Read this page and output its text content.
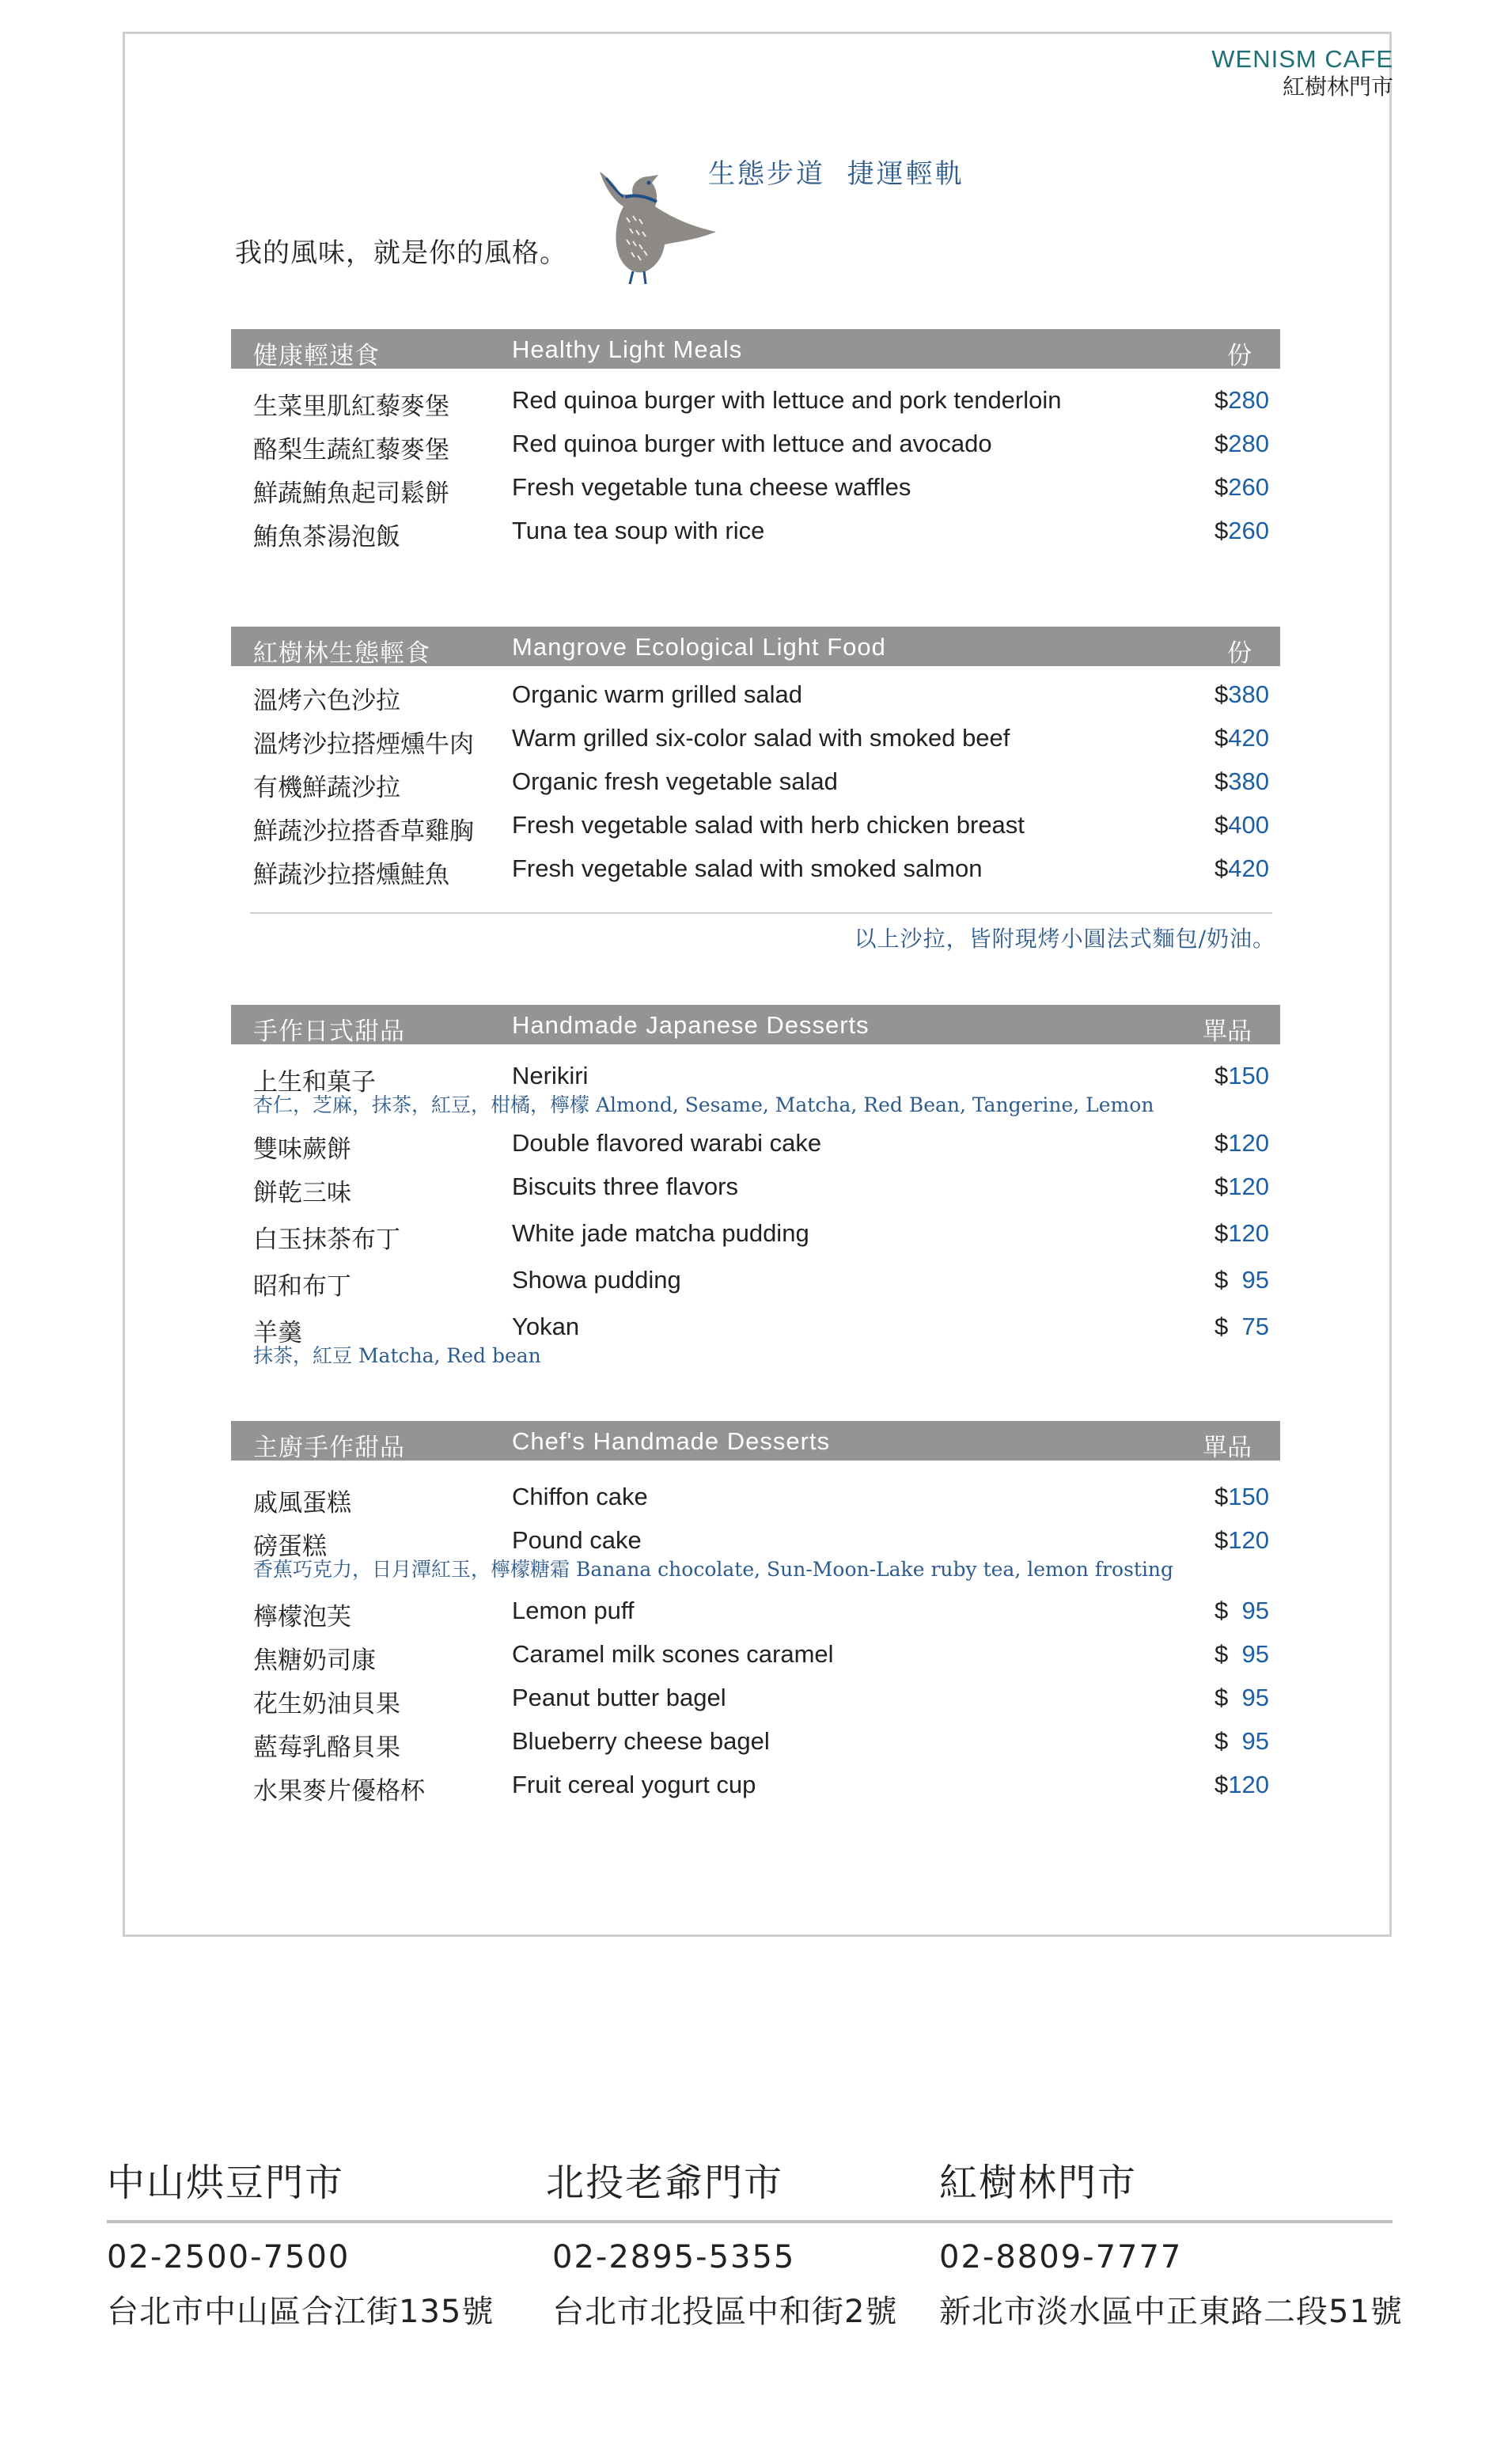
WENISM CAFE
紅樹林門市
生態步道  捷運輕軌
我的風味，就是你的風格。
健康輕速食	Healthy Light Meals	份
生菜里肌紅藜麥堡	Red quinoa burger with lettuce and pork tenderloin	$280
酪梨生蔬紅藜麥堡	Red quinoa burger with lettuce and avocado	$280
鮮蔬鮪魚起司鬆餅	Fresh vegetable tuna cheese waffles	$260
鮪魚茶湯泡飯	Tuna tea soup with rice	$260
紅樹林生態輕食	Mangrove Ecological Light Food	份
溫烤六色沙拉	Organic warm grilled salad	$380
溫烤沙拉搭煙燻牛肉 Warm grilled six-color salad with smoked beef	$420
有機鮮蔬沙拉	Organic fresh vegetable salad	$380
鮮蔬沙拉搭香草雞胸 Fresh vegetable salad with herb chicken breast	$400
鮮蔬沙拉搭燻鮭魚	Fresh vegetable salad with smoked salmon	$420
以上沙拉，皆附現烤小圓法式麵包/奶油。
手作日式甜品	Handmade Japanese Desserts	單品
上生和菓子	Nerikiri	$150
杏仁，芝麻，抹茶，紅豆，柑橘，檸檬 Almond, Sesame, Matcha, Red Bean, Tangerine, Lemon
雙味蕨餅	Double flavored warabi cake	$120
餅乾三味	Biscuits three flavors	$120
白玉抹茶布丁	White jade matcha pudding	$120
昭和布丁	Showa pudding	$ 95
羊羹	Yokan	$ 75
抹茶，紅豆 Matcha, Red bean
主廚手作甜品	Chef's Handmade Desserts	單品
戚風蛋糕	Chiffon cake	$150
磅蛋糕	Pound cake	$120
香蕉巧克力，日月潭紅玉，檸檬糖霜 Banana chocolate, Sun-Moon-Lake ruby tea, lemon frosting
檸檬泡芙	Lemon puff	$ 95
焦糖奶司康	Caramel milk scones caramel	$ 95
花生奶油貝果	Peanut butter bagel	$ 95
藍莓乳酪貝果	Blueberry cheese bagel	$ 95
水果麥片優格杯	Fruit cereal yogurt cup	$120
中山烘豆門市	北投老爺門市	紅樹林門市
02-2500-7500	02-2895-5355	02-8809-7777
台北市中山區合江街135號 台北市北投區中和街2號 新北市淡水區中正東路二段51號
